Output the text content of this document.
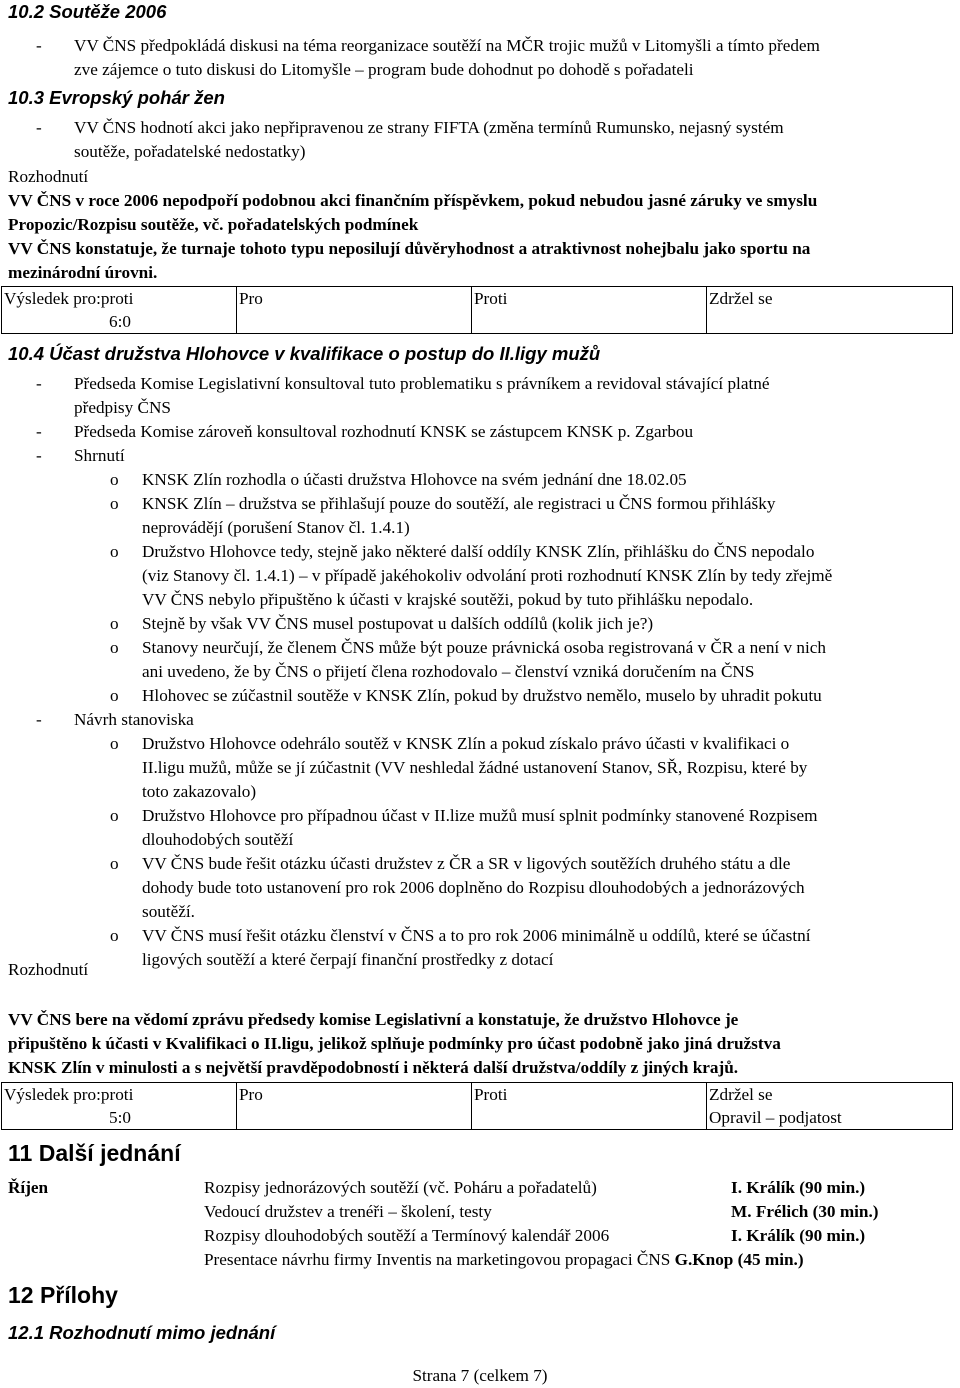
10.2 Soutěže 2006
- VV ČNS předpokládá diskusi na téma reorganizace soutěží na MČR trojic mužů v Litomyšli a tímto předem
zve zájemce o tuto diskusi do Litomyšle – program bude dohodnut po dohodě s pořadateli
10.3 Evropský pohár žen
- VV ČNS hodnotí akci jako nepřipravenou ze strany FIFTA (změna termínů Rumunsko, nejasný systém
soutěže, pořadatelské nedostatky)
Rozhodnutí
VV ČNS v roce 2006 nepodpoří podobnou akci finančním příspěvkem, pokud nebudou jasné záruky ve smyslu
Propozic/Rozpisu soutěže, vč. pořadatelských podmínek
VV ČNS konstatuje, že turnaje tohoto typu neposilují důvěryhodnost a atraktivnost nohejbalu jako sportu na
mezinárodní úrovni.
Výsledek pro:proti	Pro	Proti	Zdržel se
6:0			
10.4 Účast družstva Hlohovce v kvalifikace o postup do II.ligy mužů
- Předseda Komise Legislativní konsultoval tuto problematiku s právníkem a revidoval stávající platné
předpisy ČNS
- Předseda Komise zároveň konsultoval rozhodnutí KNSK se zástupcem KNSK p. Zgarbou
- Shrnutí
o KNSK Zlín rozhodla o účasti družstva Hlohovce na svém jednání dne 18.02.05
o KNSK Zlín – družstva se přihlašují pouze do soutěží, ale registraci u ČNS formou přihlášky
neprovádějí (porušení Stanov čl. 1.4.1)
o Družstvo Hlohovce tedy, stejně jako některé další oddíly KNSK Zlín, přihlášku do ČNS nepodalo
(viz Stanovy čl. 1.4.1) – v případě jakéhokoliv odvolání proti rozhodnutí KNSK Zlín by tedy zřejmě
VV ČNS nebylo připuštěno k účasti v krajské soutěži, pokud by tuto přihlášku nepodalo.
o Stejně by však VV ČNS musel postupovat u dalších oddílů (kolik jich je?)
o Stanovy neurčují, že členem ČNS může být pouze právnická osoba registrovaná v ČR a není v nich
ani uvedeno, že by ČNS o přijetí člena rozhodovalo – členství vzniká doručením na ČNS
o Hlohovec se zúčastnil soutěže v KNSK Zlín, pokud by družstvo nemělo, muselo by uhradit pokutu
- Návrh stanoviska
o Družstvo Hlohovce odehrálo soutěž v KNSK Zlín a pokud získalo právo účasti v kvalifikaci o
II.ligu mužů, může se jí zúčastnit (VV neshledal žádné ustanovení Stanov, SŘ, Rozpisu, které by
toto zakazovalo)
o Družstvo Hlohovce pro případnou účast v II.lize mužů musí splnit podmínky stanovené Rozpisem
dlouhodobých soutěží
o VV ČNS bude řešit otázku účasti družstev z ČR a SR v ligových soutěžích druhého státu a dle
dohody bude toto ustanovení pro rok 2006 doplněno do Rozpisu dlouhodobých a jednorázových
soutěží.
o VV ČNS musí řešit otázku členství v ČNS a to pro rok 2006 minimálně u oddílů, které se účastní
ligových soutěží a které čerpají finanční prostředky z dotací
Rozhodnutí
VV ČNS bere na vědomí zprávu předsedy komise Legislativní a konstatuje, že družstvo Hlohovce je
připuštěno k účasti v Kvalifikaci o II.ligu, jelikož splňuje podmínky pro účast podobně jako jiná družstva
KNSK Zlín v minulosti a s největší pravděpodobností i některá další družstva/oddíly z jiných krajů.
Výsledek pro:proti	Pro	Proti	Zdržel se
5:0			Opravil – podjatost
11 Další jednání
Říjen	Rozpisy jednorázových soutěží (vč. Poháru a pořadatelů)	I. Králík (90 min.)
Vedoucí družstev a trenéři – školení, testy	M. Frélich (30 min.)
Rozpisy dlouhodobých soutěží a Termínový kalendář 2006	I. Králík (90 min.)
Presentace návrhu firmy Inventis na marketingovou propagaci ČNS G.Knop (45 min.)
12 Přílohy
12.1 Rozhodnutí mimo jednání
Strana 7 (celkem 7)
